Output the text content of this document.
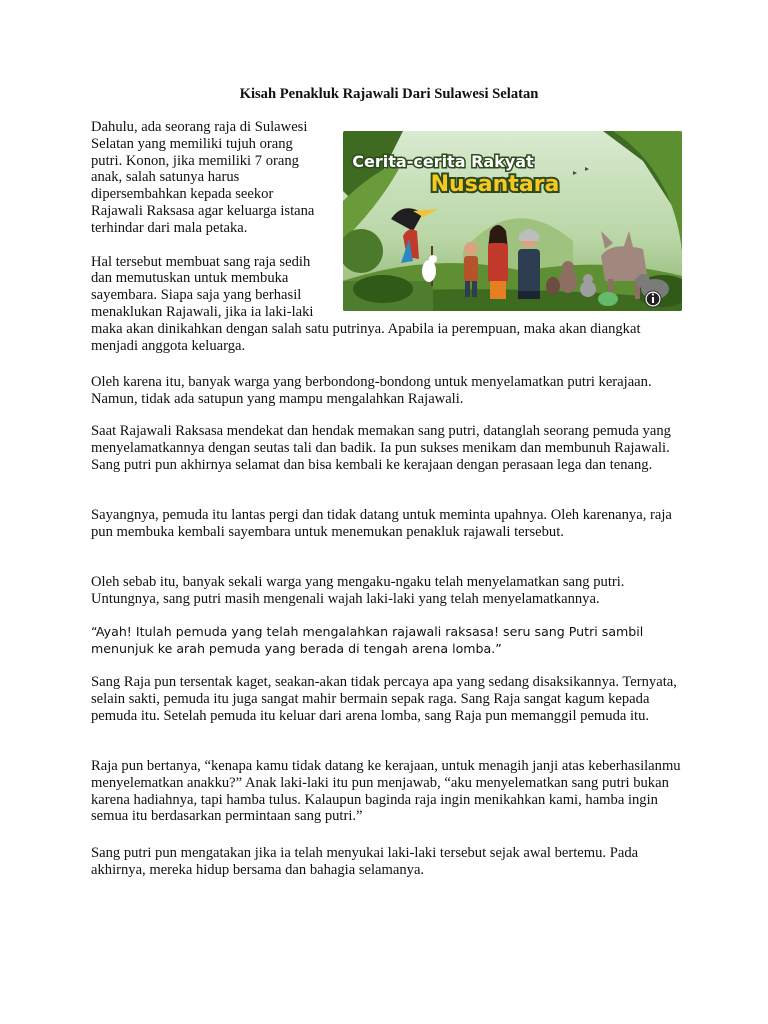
Kisah Penakluk Rajawali Dari Sulawesi Selatan

Dahulu, ada seorang raja di Sulawesi Selatan yang memiliki tujuh orang putri. Konon, jika memiliki 7 orang anak, salah satunya harus dipersembahkan kepada seekor Rajawali Raksasa agar keluarga istana terhindar dari mala petaka.

Hal tersebut membuat sang raja sedih dan memutuskan untuk membuka sayembara. Siapa saja yang berhasil menaklukan Rajawali, jika ia laki-laki

maka akan dinikahkan dengan salah satu putrinya. Apabila ia perempuan, maka akan diangkat menjadi anggota keluarga.

Cerita-cerita Rakyat
Nusantara

Oleh karena itu, banyak warga yang berbondong-bondong untuk menyelamatkan putri kerajaan. Namun, tidak ada satupun yang mampu mengalahkan Rajawali.

Saat Rajawali Raksasa mendekat dan hendak memakan sang putri, datanglah seorang pemuda yang menyelamatkannya dengan seutas tali dan badik. Ia pun sukses menikam dan membunuh Rajawali. Sang putri pun akhirnya selamat dan bisa kembali ke kerajaan dengan perasaan lega dan tenang.

Sayangnya, pemuda itu lantas pergi dan tidak datang untuk meminta upahnya. Oleh karenanya, raja pun membuka kembali sayembara untuk menemukan penakluk rajawali tersebut.

Oleh sebab itu, banyak sekali warga yang mengaku-ngaku telah menyelamatkan sang putri. Untungnya, sang putri masih mengenali wajah laki-laki yang telah menyelamatkannya.

“Ayah! Itulah pemuda yang telah mengalahkan rajawali raksasa! seru sang Putri sambil menunjuk ke arah pemuda yang berada di tengah arena lomba.”

Sang Raja pun tersentak kaget, seakan-akan tidak percaya apa yang sedang disaksikannya. Ternyata, selain sakti, pemuda itu juga sangat mahir bermain sepak raga. Sang Raja sangat kagum kepada pemuda itu. Setelah pemuda itu keluar dari arena lomba, sang Raja pun memanggil pemuda itu.

Raja pun bertanya, “kenapa kamu tidak datang ke kerajaan, untuk menagih janji atas keberhasilanmu menyelematkan anakku?” Anak laki-laki itu pun menjawab, “aku menyelematkan sang putri bukan karena hadiahnya, tapi hamba tulus. Kalaupun baginda raja ingin menikahkan kami, hamba ingin semua itu berdasarkan permintaan sang putri.”

Sang putri pun mengatakan jika ia telah menyukai laki-laki tersebut sejak awal bertemu. Pada akhirnya, mereka hidup bersama dan bahagia selamanya.
